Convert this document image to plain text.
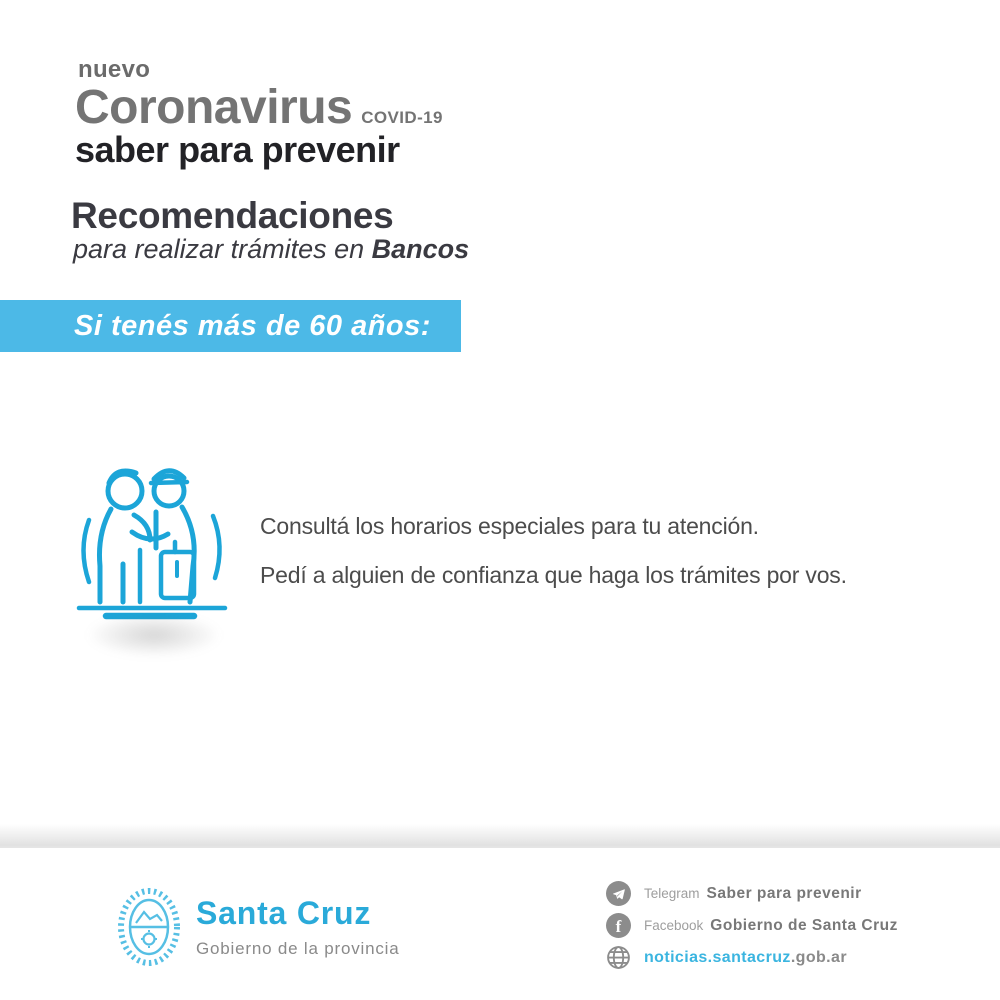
nuevo
Coronavirus COVID-19
saber para prevenir
Recomendaciones
para realizar trámites en Bancos
Si tenés más de 60 años:

Consultá los horarios especiales para tu atención.

Pedí a alguien de confianza que haga los trámites por vos.

Santa Cruz
Gobierno de la provincia
Telegram Saber para prevenir
f Facebook Gobierno de Santa Cruz
noticias.santacruz .gob.ar
